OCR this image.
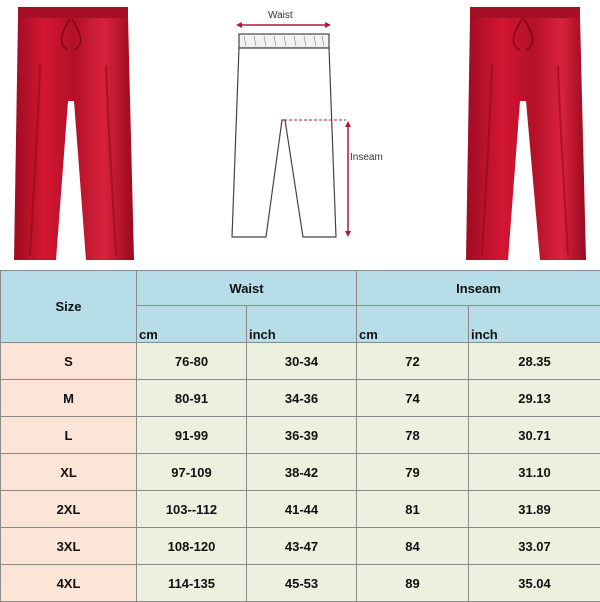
Waist
Inseam
Size	Waist		Inseam	
	cm	inch	cm	inch
S	76-80	30-34	72	28.35
M	80-91	34-36	74	29.13
L	91-99	36-39	78	30.71
XL	97-109	38-42	79	31.10
2XL	103--112	41-44	81	31.89
3XL	108-120	43-47	84	33.07
4XL	114-135	45-53	89	35.04
